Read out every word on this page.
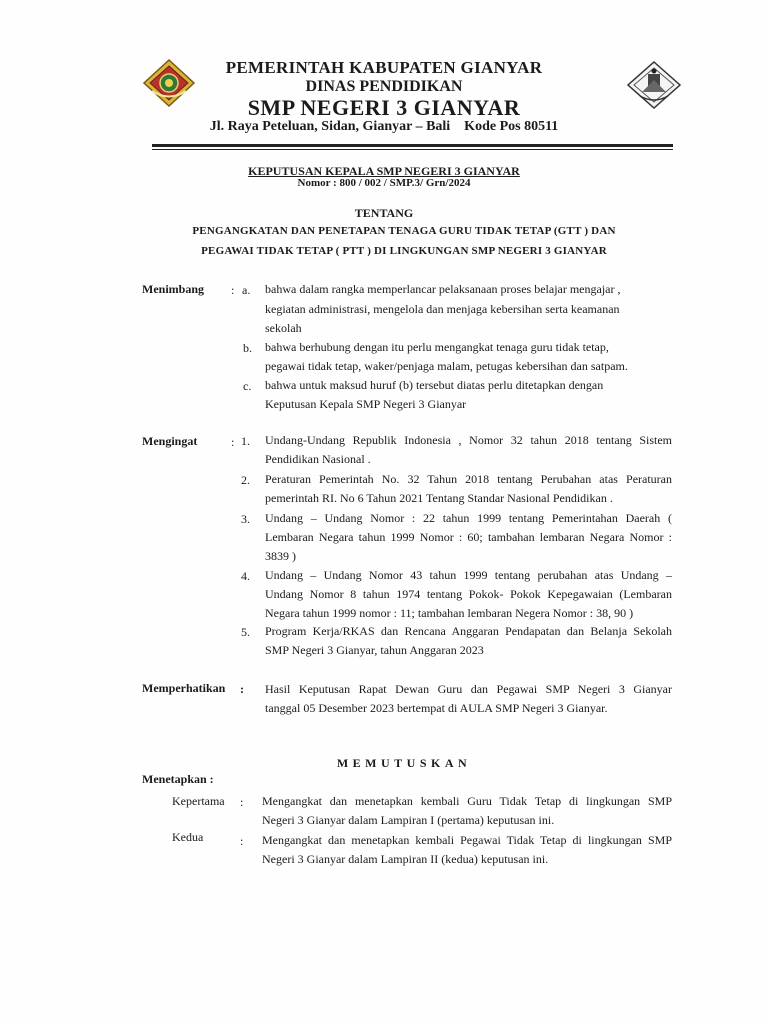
PEMERINTAH KABUPATEN GIANYAR
DINAS PENDIDIKAN
SMP NEGERI 3 GIANYAR
Jl. Raya Peteluan, Sidan, Gianyar – Bali    Kode Pos 80511
KEPUTUSAN KEPALA SMP NEGERI 3 GIANYAR
Nomor : 800 / 002 / SMP.3/ Grn/2024
TENTANG
PENGANGKATAN DAN PENETAPAN TENAGA GURU TIDAK TETAP (GTT ) DAN
PEGAWAI TIDAK TETAP ( PTT ) DI LINGKUNGAN SMP NEGERI 3 GIANYAR
Menimbang : a. bahwa dalam rangka memperlancar pelaksanaan proses belajar mengajar ,
kegiatan administrasi, mengelola dan menjaga kebersihan serta keamanan
sekolah
b. bahwa berhubung dengan itu perlu mengangkat tenaga guru tidak tetap,
pegawai tidak tetap, waker/penjaga malam, petugas kebersihan dan satpam.
c. bahwa untuk maksud huruf (b) tersebut diatas perlu ditetapkan dengan
Keputusan Kepala SMP Negeri 3 Gianyar
Mengingat	: 1. Undang-Undang Republik Indonesia , Nomor 32 tahun 2018 tentang Sistem
Pendidikan Nasional .
2. Peraturan Pemerintah No. 32 Tahun 2018 tentang Perubahan atas Peraturan
pemerintah RI. No 6 Tahun 2021 Tentang Standar Nasional Pendidikan .
3. Undang – Undang Nomor : 22 tahun 1999 tentang Pemerintahan Daerah (
Lembaran Negara tahun 1999 Nomor : 60; tambahan lembaran Negara Nomor :
3839 )
4. Undang – Undang Nomor 43 tahun 1999 tentang perubahan atas Undang –
Undang Nomor 8 tahun 1974 tentang Pokok- Pokok Kepegawaian (Lembaran
Negara tahun 1999 nomor : 11; tambahan lembaran Negera Nomor : 38, 90 )
5. Program Kerja/RKAS dan Rencana Anggaran Pendapatan dan Belanja Sekolah
SMP Negeri 3 Gianyar, tahun Anggaran 2023
Memperhatikan : Hasil Keputusan Rapat Dewan Guru dan Pegawai SMP Negeri 3 Gianyar
tanggal 05 Desember 2023 bertempat di AULA SMP Negeri 3 Gianyar.
MEMUTUSKAN
Menetapkan :
Kepertama : Mengangkat dan menetapkan kembali Guru Tidak Tetap di lingkungan SMP
Negeri 3 Gianyar dalam Lampiran I (pertama) keputusan ini.
Kedua	: Mengangkat dan menetapkan kembali Pegawai Tidak Tetap di lingkungan SMP
Negeri 3 Gianyar dalam Lampiran II (kedua) keputusan ini.
